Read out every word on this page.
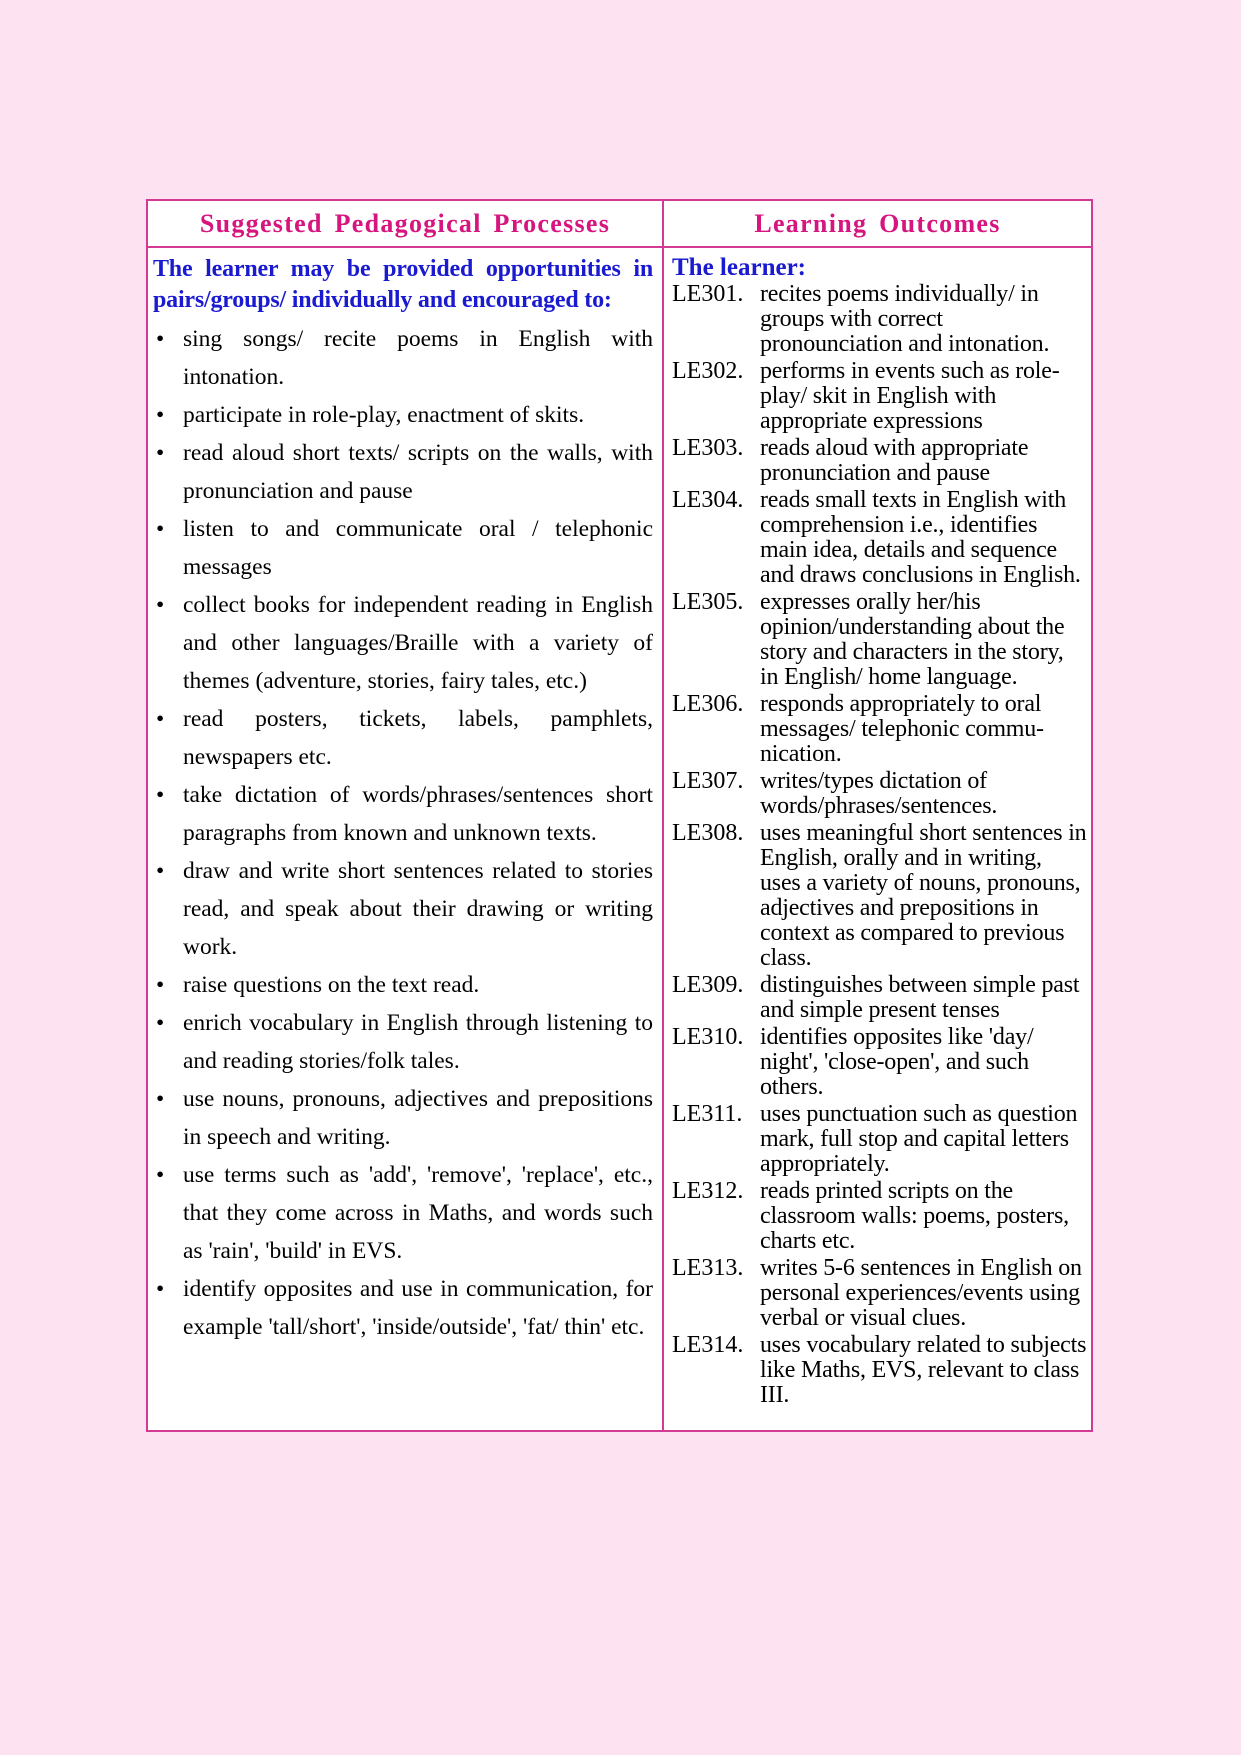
Suggested Pedagogical Processes	Learning Outcomes

The learner may be provided opportunities in pairs/groups/ individually and encouraged to:

• sing songs/ recite poems in English with intonation.
• participate in role-play, enactment of skits.
• read aloud short texts/ scripts on the walls, with pronunciation and pause
• listen to and communicate oral / telephonic messages
• collect books for independent reading in English and other languages/Braille with a variety of themes (adventure, stories, fairy tales, etc.)
• read posters, tickets, labels, pamphlets, newspapers etc.
• take dictation of words/phrases/sentences short paragraphs from known and unknown texts.
• draw and write short sentences related to stories read, and speak about their drawing or writing work.
• raise questions on the text read.
• enrich vocabulary in English through listening to and reading stories/folk tales.
• use nouns, pronouns, adjectives and prepositions in speech and writing.
• use terms such as 'add', 'remove', 'replace', etc., that they come across in Maths, and words such as 'rain', 'build' in EVS.
• identify opposites and use in communication, for example 'tall/short', 'inside/outside', 'fat/ thin' etc.

The learner:

LE301. recites poems individually/ in groups with correct pronounciation and intonation.
LE302. performs in events such as role-play/ skit in English with appropriate expressions
LE303. reads aloud with appropriate pronunciation and pause
LE304. reads small texts in English with comprehension i.e., identifies main idea, details and sequence and draws conclusions in English.
LE305. expresses orally her/his opinion/understanding about the story and characters in the story, in English/ home language.
LE306. responds appropriately to oral messages/ telephonic commu-nication.
LE307. writes/types dictation of words/phrases/sentences.
LE308. uses meaningful short sentences in English, orally and in writing, uses a variety of nouns, pronouns, adjectives and prepositions in context as compared to previous class.
LE309. distinguishes between simple past and simple present tenses
LE310. identifies opposites like 'day/ night', 'close-open', and such others.
LE311. uses punctuation such as question mark, full stop and capital letters appropriately.
LE312. reads printed scripts on the classroom walls: poems, posters, charts etc.
LE313. writes 5-6 sentences in English on personal experiences/events using verbal or visual clues.
LE314. uses vocabulary related to subjects like Maths, EVS, relevant to class III.
